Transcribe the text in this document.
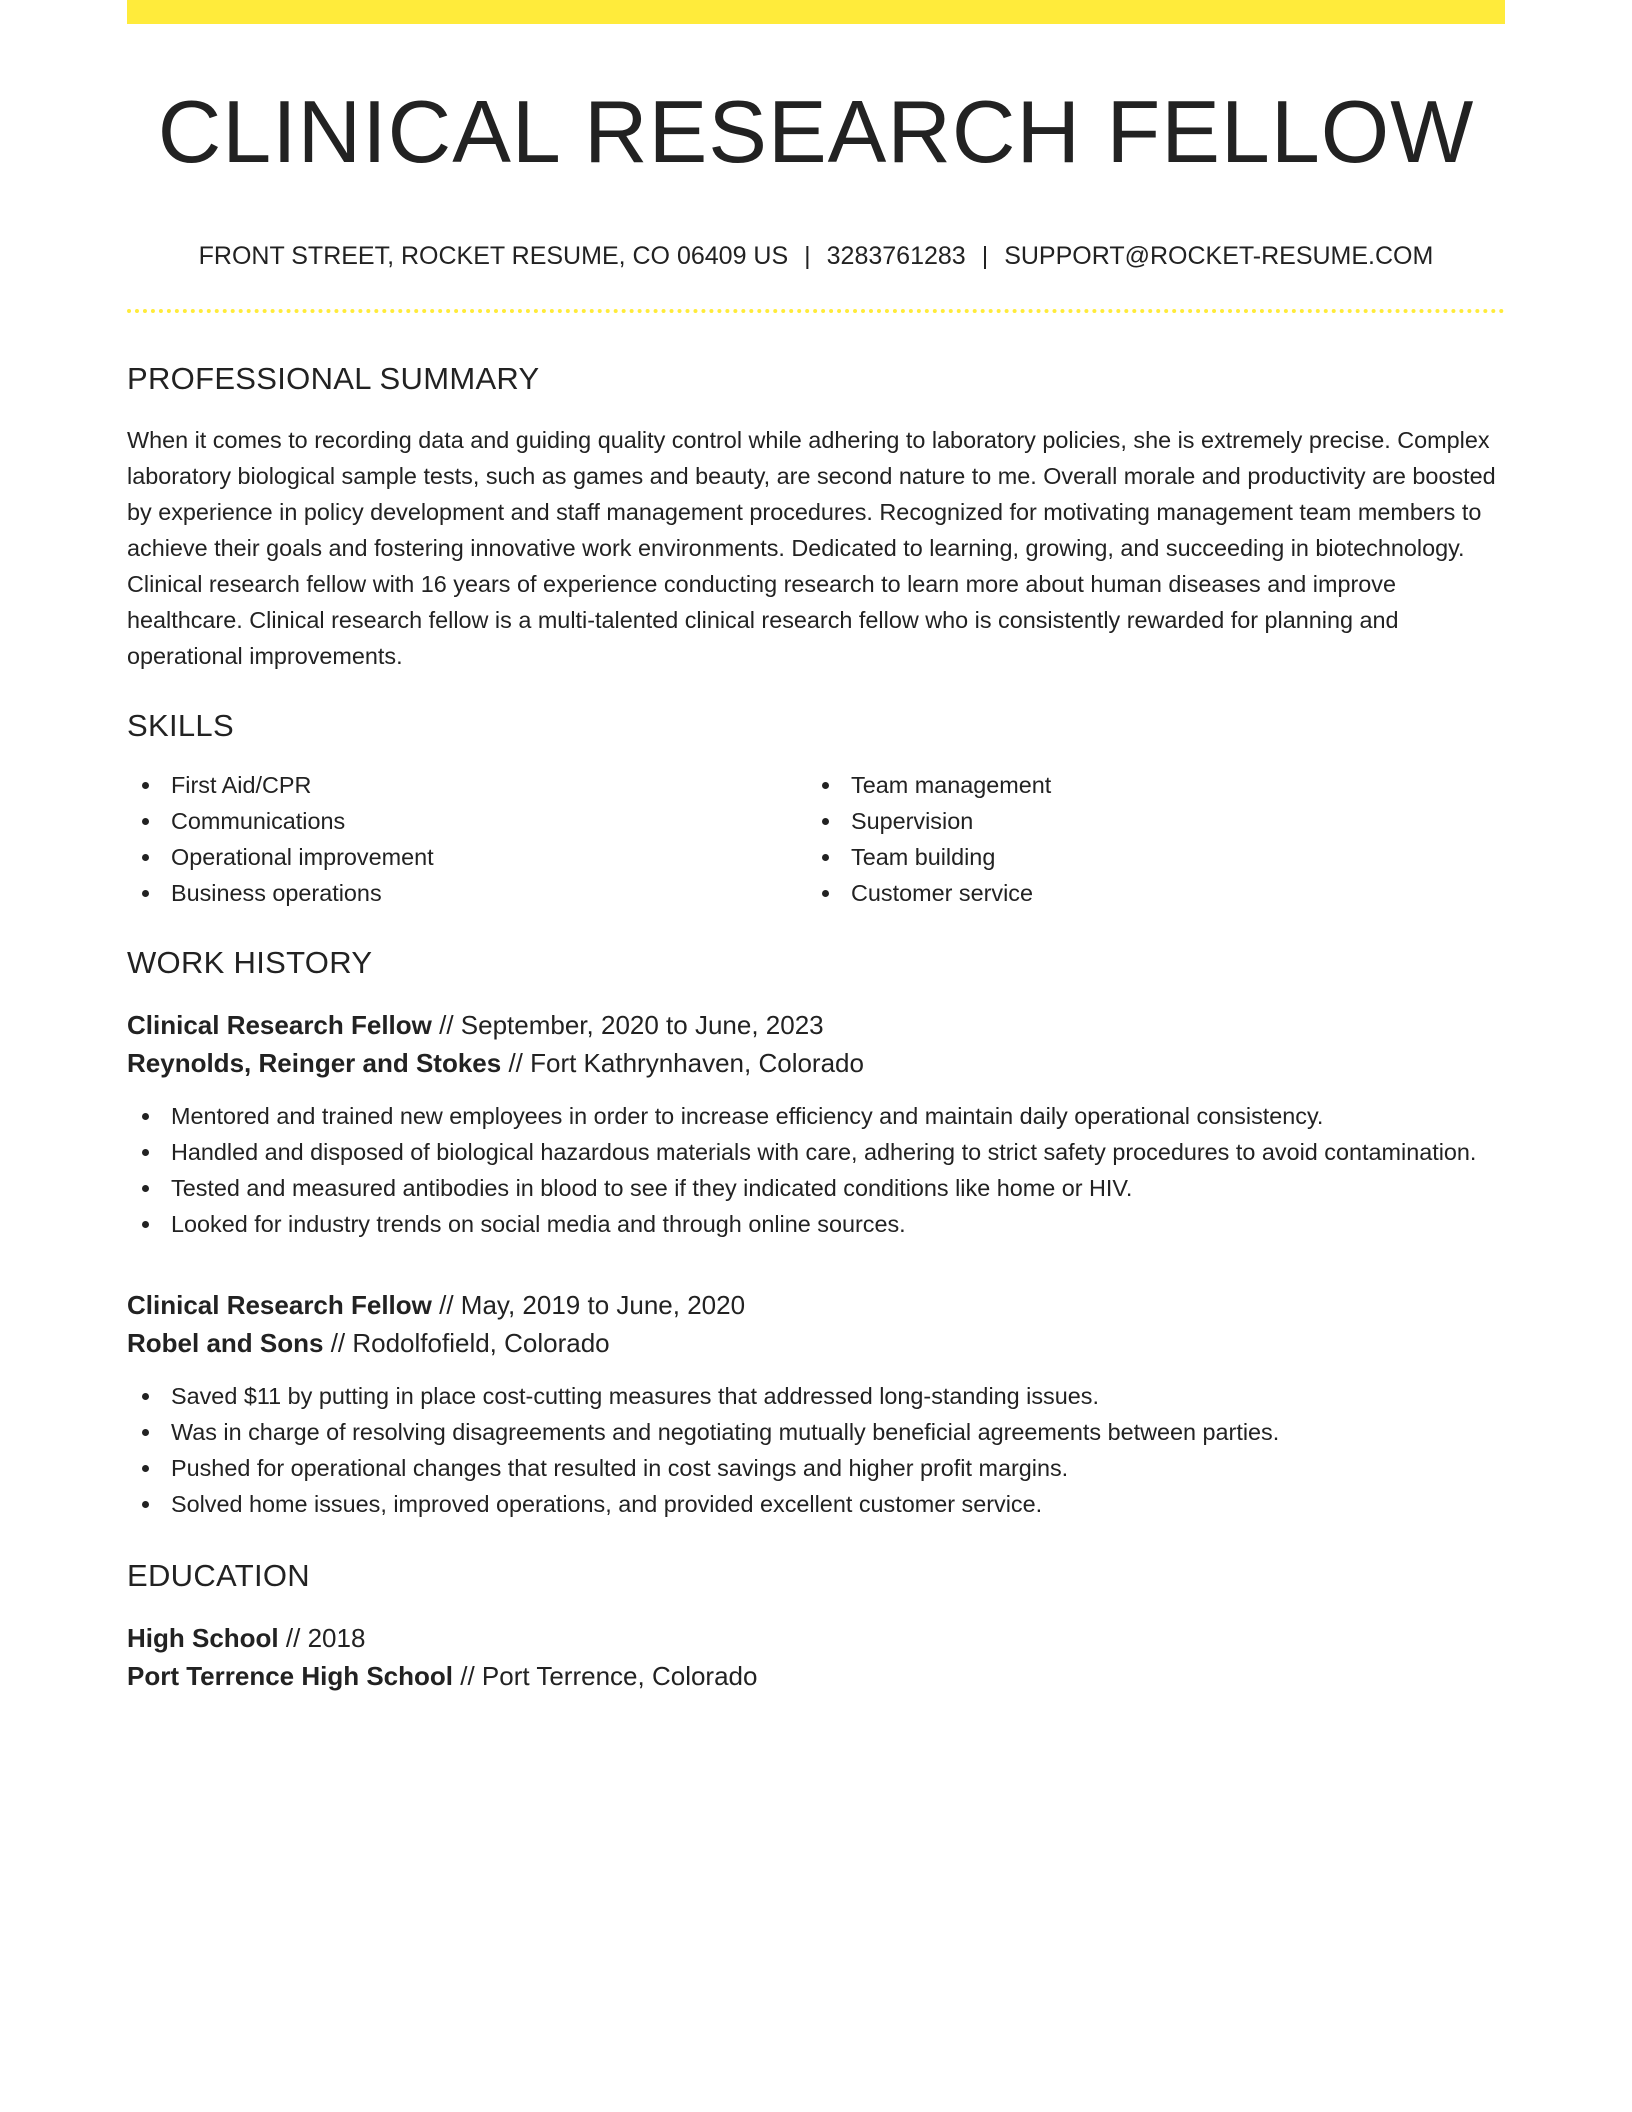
CLINICAL RESEARCH FELLOW
FRONT STREET, ROCKET RESUME, CO 06409 US | 3283761283 | SUPPORT@ROCKET-RESUME.COM
PROFESSIONAL SUMMARY

When it comes to recording data and guiding quality control while adhering to laboratory policies, she is extremely precise. Complex laboratory biological sample tests, such as games and beauty, are second nature to me. Overall morale and productivity are boosted by experience in policy development and staff management procedures. Recognized for motivating management team members to achieve their goals and fostering innovative work environments. Dedicated to learning, growing, and succeeding in biotechnology. Clinical research fellow with 16 years of experience conducting research to learn more about human diseases and improve healthcare. Clinical research fellow is a multi-talented clinical research fellow who is consistently rewarded for planning and operational improvements.

SKILLS
First Aid/CPR
Communications
Operational improvement
Business operations
Team management
Supervision
Team building
Customer service
WORK HISTORY
Clinical Research Fellow // September, 2020 to June, 2023
Reynolds, Reinger and Stokes // Fort Kathrynhaven, Colorado
Mentored and trained new employees in order to increase efficiency and maintain daily operational consistency.
Handled and disposed of biological hazardous materials with care, adhering to strict safety procedures to avoid contamination.
Tested and measured antibodies in blood to see if they indicated conditions like home or HIV.
Looked for industry trends on social media and through online sources.
Clinical Research Fellow // May, 2019 to June, 2020
Robel and Sons // Rodolfofield, Colorado
Saved $11 by putting in place cost-cutting measures that addressed long-standing issues.
Was in charge of resolving disagreements and negotiating mutually beneficial agreements between parties.
Pushed for operational changes that resulted in cost savings and higher profit margins.
Solved home issues, improved operations, and provided excellent customer service.
EDUCATION
High School // 2018
Port Terrence High School // Port Terrence, Colorado
